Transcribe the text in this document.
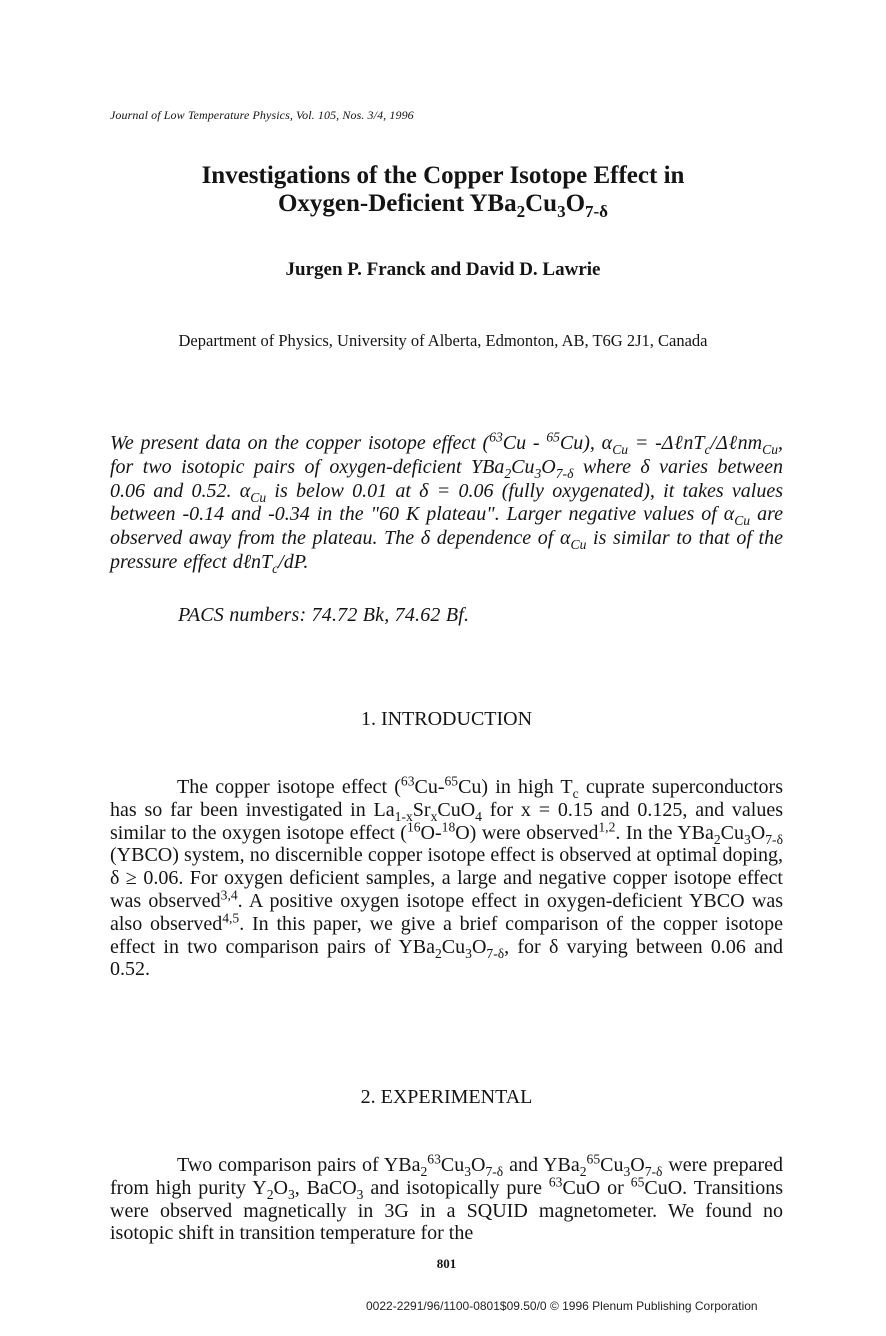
Journal of Low Temperature Physics, Vol. 105, Nos. 3/4, 1996
Investigations of the Copper Isotope Effect in
Oxygen-Deficient $YBa_2Cu_3O_{7-\delta}$
Jurgen P. Franck and David D. Lawrie
Department of Physics, University of Alberta, Edmonton, AB, T6G 2J1, Canada
We present data on the copper isotope effect ($^{63}$Cu - $^{65}$Cu), $\alpha_{Cu}$ = -ΔℓnT$_c$/Δℓnm$_{Cu}$, for two isotopic pairs of oxygen-deficient $YBa_2Cu_3O_{7-\delta}$ where δ varies between 0.06 and 0.52. $\alpha_{Cu}$ is below 0.01 at δ = 0.06 (fully oxygenated), it takes values between -0.14 and -0.34 in the "60 K plateau". Larger negative values of $\alpha_{Cu}$ are observed away from the plateau. The δ dependence of $\alpha_{Cu}$ is similar to that of the pressure effect dℓnT$_c$/dP.
PACS numbers: 74.72 Bk, 74.62 Bf.
1. INTRODUCTION

The copper isotope effect ($^{63}$Cu-$^{65}$Cu) in high $T_c$ cuprate superconductors has so far been investigated in $La_{1-x}Sr_xCuO_4$ for x = 0.15 and 0.125, and values similar to the oxygen isotope effect ($^{16}$O-$^{18}$O) were observed$^{1,2}$. In the $YBa_2Cu_3O_{7-\delta}$ (YBCO) system, no discernible copper isotope effect is observed at optimal doping, δ ≥ 0.06. For oxygen deficient samples, a large and negative copper isotope effect was observed$^{3,4}$. A positive oxygen isotope effect in oxygen-deficient YBCO was also observed$^{4,5}$. In this paper, we give a brief comparison of the copper isotope effect in two comparison pairs of $YBa_2Cu_3O_{7-\delta}$, for δ varying between 0.06 and 0.52.

2. EXPERIMENTAL

Two comparison pairs of $YBa_2^{63}Cu_3O_{7-\delta}$ and $YBa_2^{65}Cu_3O_{7-\delta}$ were prepared from high purity $Y_2O_3$, BaCO$_3$ and isotopically pure $^{63}$CuO or $^{65}$CuO. Transitions were observed magnetically in 3G in a SQUID magnetometer. We found no isotopic shift in transition temperature for the

801
0022-2291/96/1100-0801$09.50/0 © 1996 Plenum Publishing Corporation
